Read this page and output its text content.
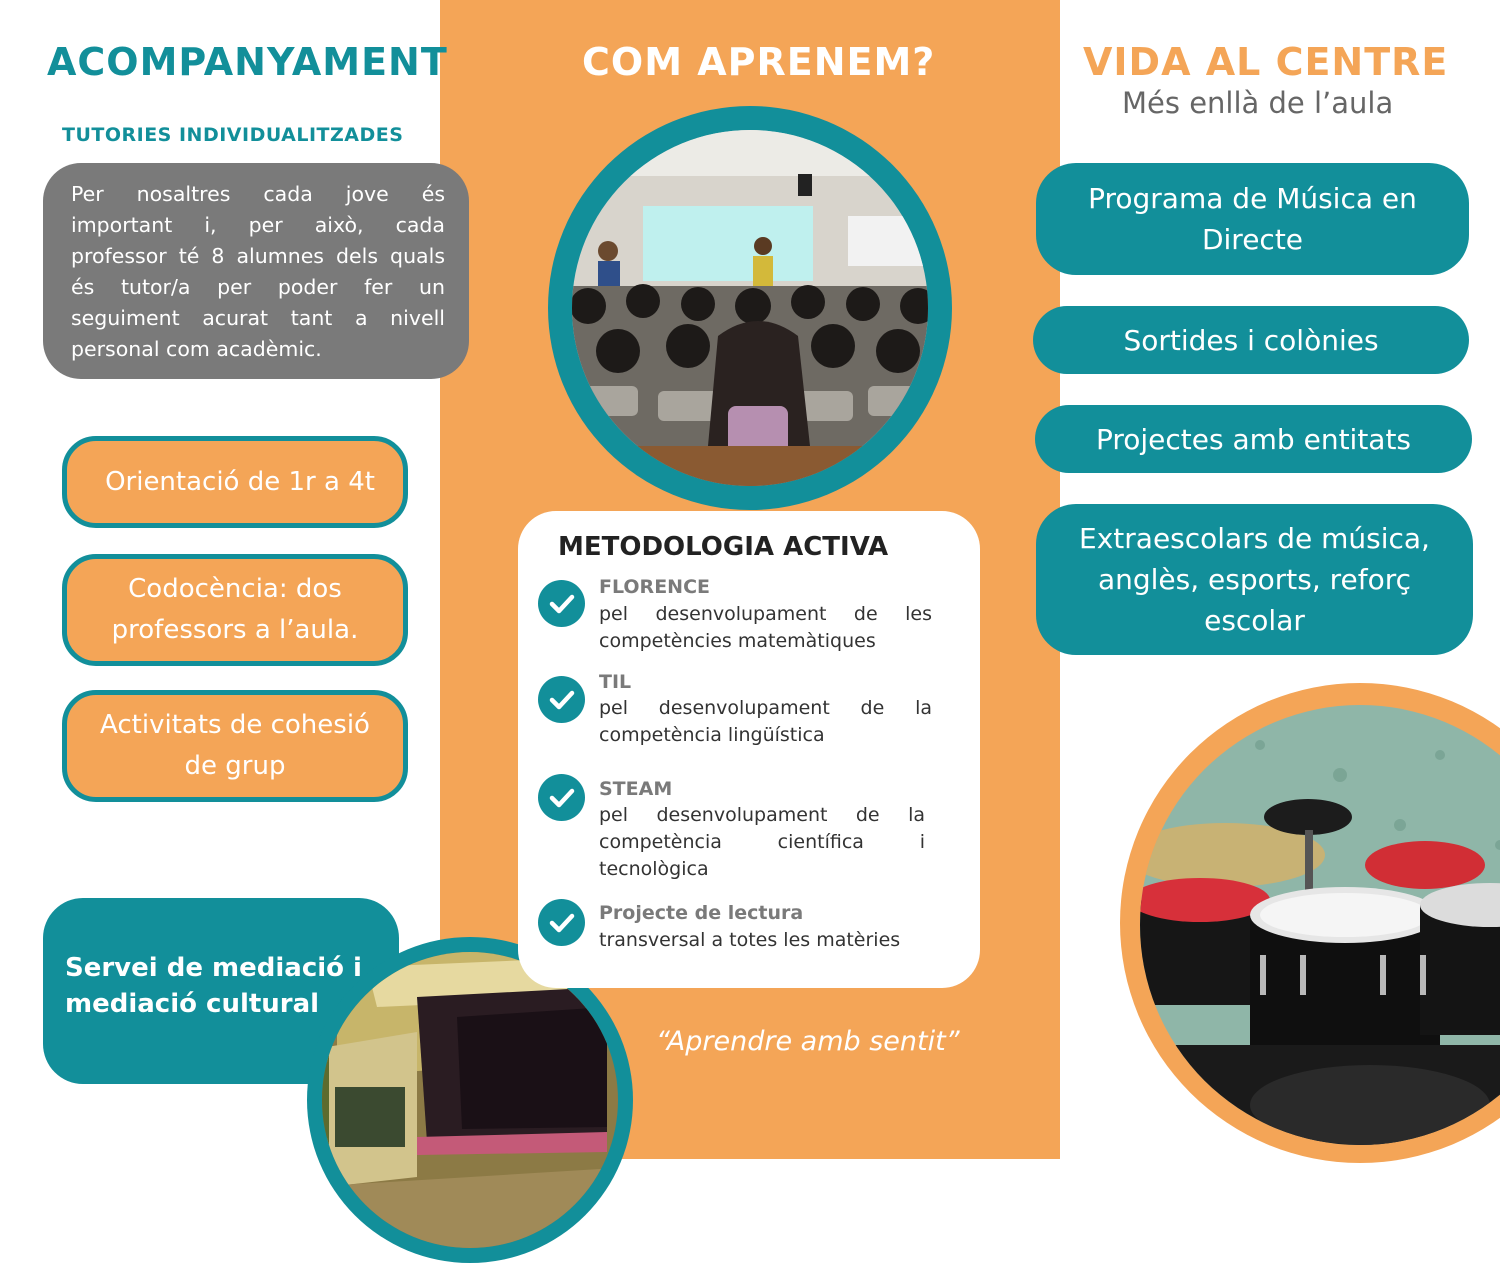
ACOMPANYAMENT
TUTORIES INDIVIDUALITZADES
Per nosaltres cada jove és important i, per això, cada professor té 8 alumnes dels quals és tutor/a per poder fer un seguiment acurat tant a nivell personal com acadèmic.
Orientació de 1r a 4t
Codocència: dos professors a l’aula.
Activitats de cohesió de grup
Servei de mediació i mediació cultural
COM APRENEM?
METODOLOGIA ACTIVA
FLORENCE
pel desenvolupament de les competències matemàtiques
TIL
pel desenvolupament de la competència lingüística
STEAM
pel desenvolupament de la competència científica i tecnològica
Projecte de lectura
transversal a totes les matèries
“Aprendre amb sentit”
VIDA AL CENTRE
Més enllà de l’aula
Programa de Música en Directe
Sortides i colònies
Projectes amb entitats
Extraescolars de música, anglès, esports, reforç escolar
